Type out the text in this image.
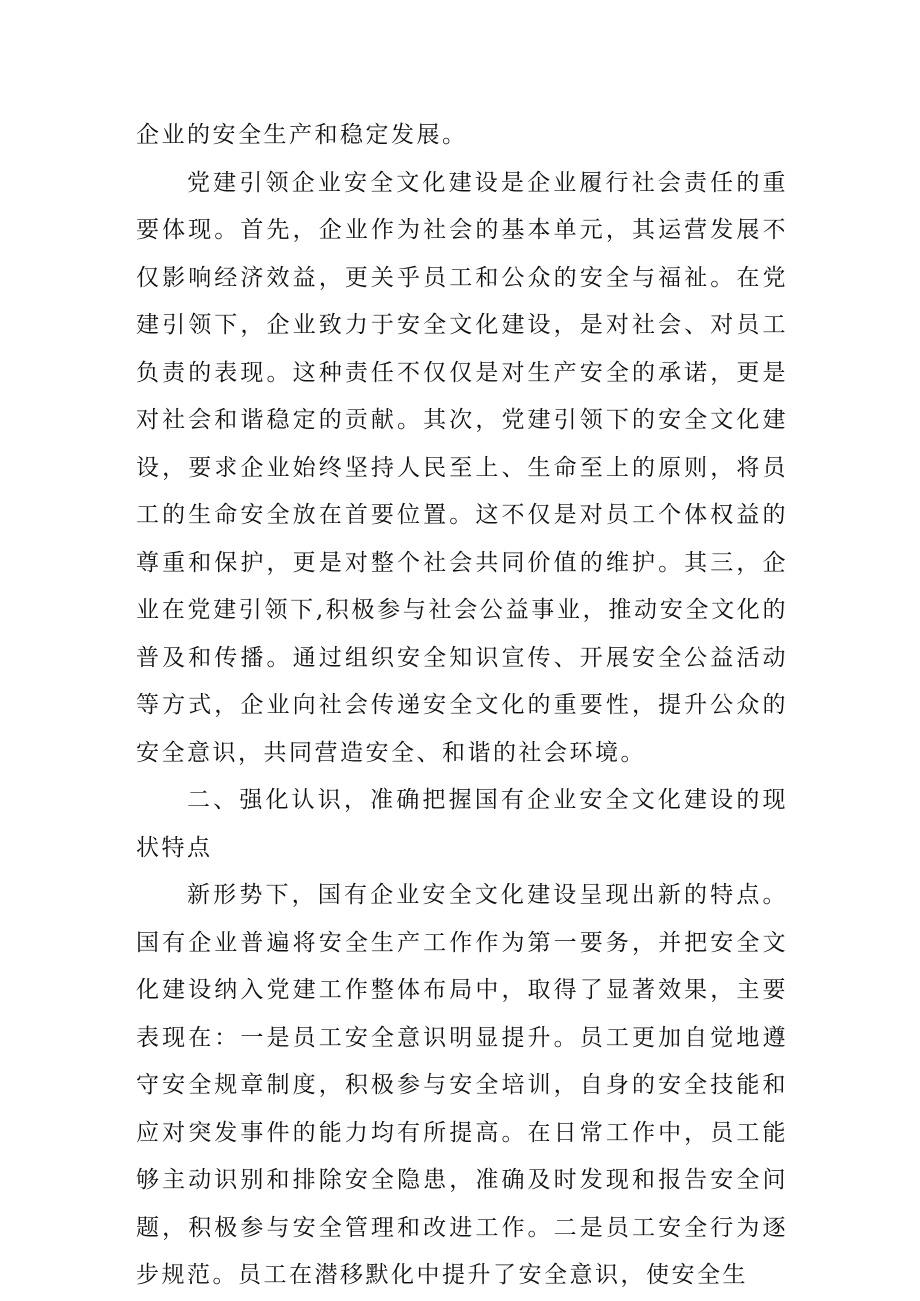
企业的安全生产和稳定发展。

党建引领企业安全文化建设是企业履行社会责任的重要体现。首先，企业作为社会的基本单元，其运营发展不仅影响经济效益，更关乎员工和公众的安全与福祉。在党建引领下，企业致力于安全文化建设，是对社会、对员工负责的表现。这种责任不仅仅是对生产安全的承诺，更是对社会和谐稳定的贡献。其次，党建引领下的安全文化建设，要求企业始终坚持人民至上、生命至上的原则，将员工的生命安全放在首要位置。这不仅是对员工个体权益的尊重和保护，更是对整个社会共同价值的维护。其三，企业在党建引领下,积极参与社会公益事业，推动安全文化的普及和传播。通过组织安全知识宣传、开展安全公益活动等方式，企业向社会传递安全文化的重要性，提升公众的安全意识，共同营造安全、和谐的社会环境。

二、强化认识，准确把握国有企业安全文化建设的现状特点

新形势下，国有企业安全文化建设呈现出新的特点。国有企业普遍将安全生产工作作为第一要务，并把安全文化建设纳入党建工作整体布局中，取得了显著效果，主要表现在：一是员工安全意识明显提升。员工更加自觉地遵守安全规章制度，积极参与安全培训，自身的安全技能和应对突发事件的能力均有所提高。在日常工作中，员工能够主动识别和排除安全隐患，准确及时发现和报告安全问题，积极参与安全管理和改进工作。二是员工安全行为逐步规范。员工在潜移默化中提升了安全意识，使安全生
